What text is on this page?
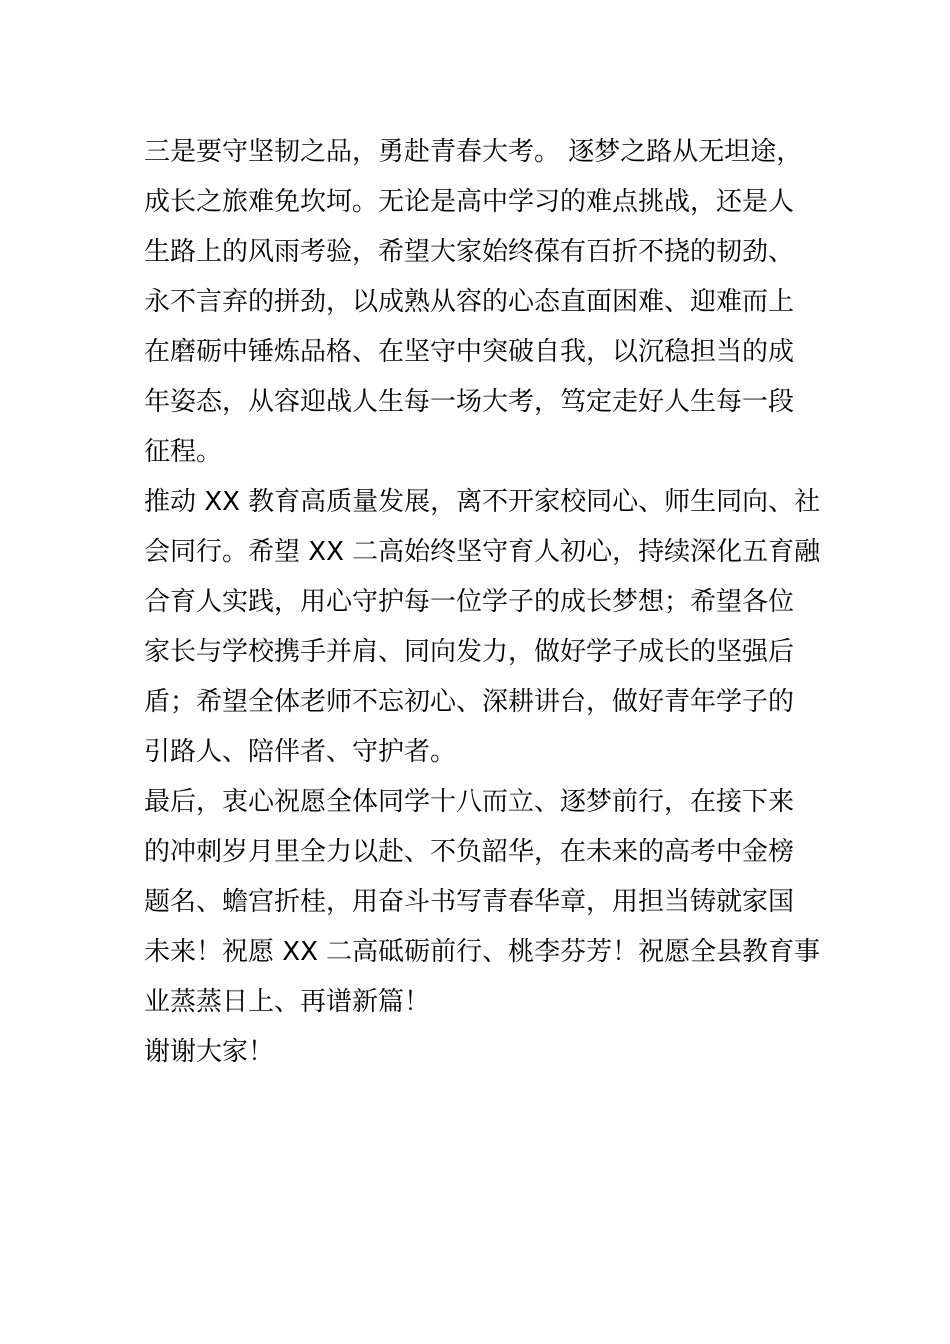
三是要守坚韧之品，勇赴青春大考。 逐梦之路从无坦途，
成长之旅难免坎坷。无论是高中学习的难点挑战，还是人
生路上的风雨考验，希望大家始终葆有百折不挠的韧劲、
永不言弃的拼劲，以成熟从容的心态直面困难、迎难而上
在磨砺中锤炼品格、在坚守中突破自我，以沉稳担当的成
年姿态，从容迎战人生每一场大考，笃定走好人生每一段
征程。
推动 XX 教育高质量发展，离不开家校同心、师生同向、社
会同行。希望 XX 二高始终坚守育人初心，持续深化五育融
合育人实践，用心守护每一位学子的成长梦想；希望各位
家长与学校携手并肩、同向发力，做好学子成长的坚强后
盾；希望全体老师不忘初心、深耕讲台，做好青年学子的
引路人、陪伴者、守护者。
最后，衷心祝愿全体同学十八而立、逐梦前行，在接下来
的冲刺岁月里全力以赴、不负韶华，在未来的高考中金榜
题名、蟾宫折桂，用奋斗书写青春华章，用担当铸就家国
未来！祝愿 XX 二高砥砺前行、桃李芬芳！祝愿全县教育事
业蒸蒸日上、再谱新篇！
谢谢大家！
